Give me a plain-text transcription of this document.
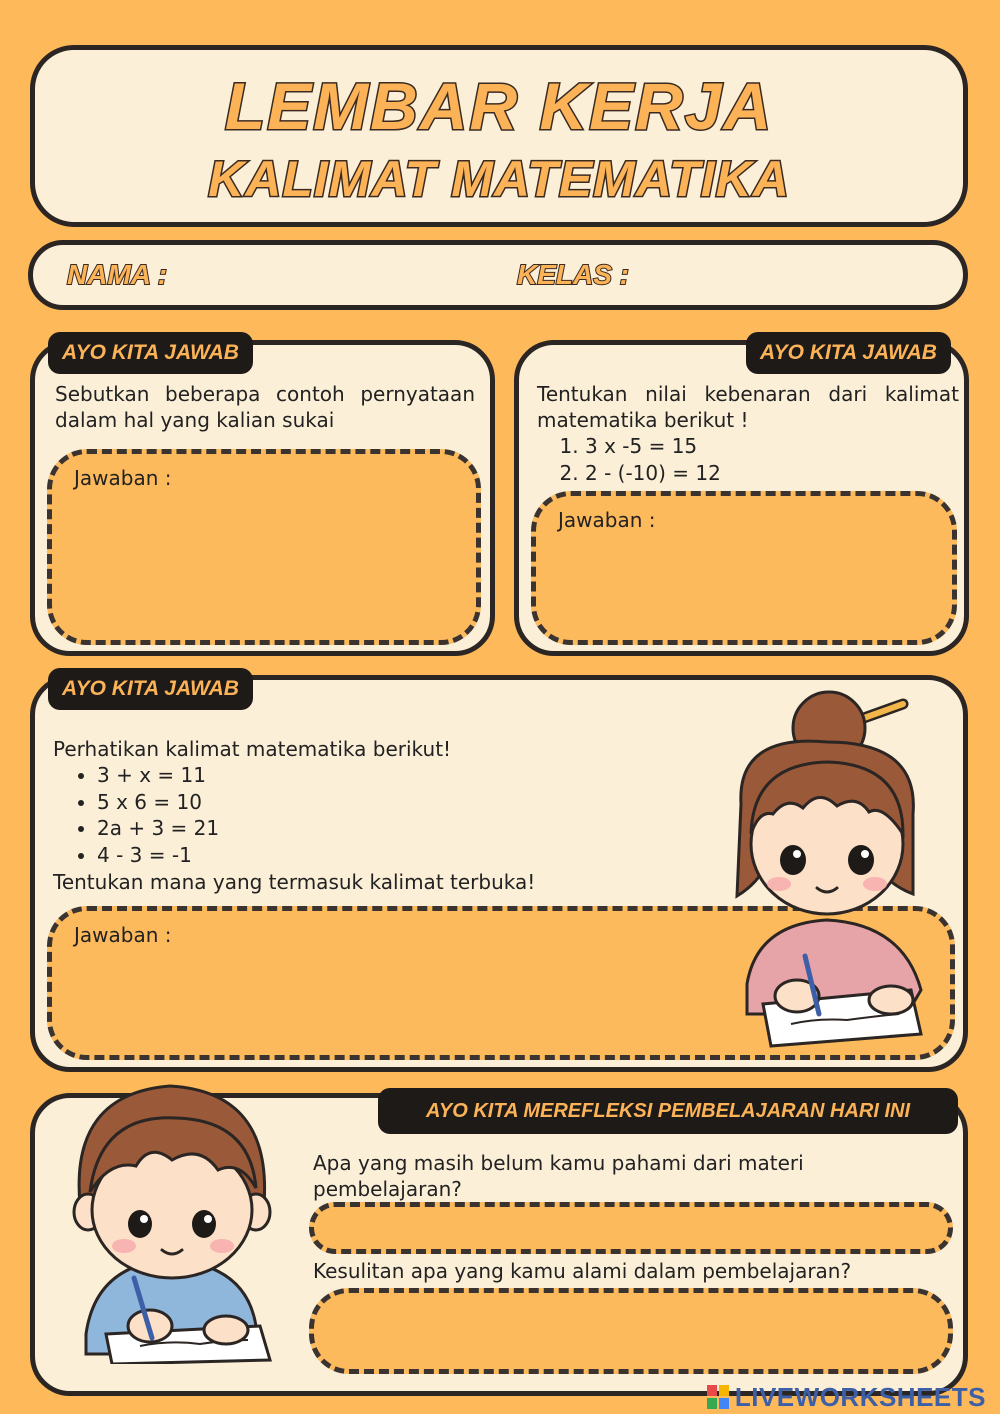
LEMBAR KERJA
KALIMAT MATEMATIKA
NAMA :	KELAS :
Sebutkan beberapa contoh pernyataan dalam hal yang kalian sukai
Jawaban :
AYO KITA JAWAB
Tentukan nilai kebenaran dari kalimat matematika berikut !
1. 3 x -5 = 15
2. 2 - (-10) = 12
Jawaban :
AYO KITA JAWAB
Perhatikan kalimat matematika berikut!
• 3 + x = 11
• 5 x 6 = 10
• 2a + 3 = 21
• 4 - 3 = -1
Tentukan mana yang termasuk kalimat terbuka!
Jawaban :
AYO KITA JAWAB
Apa yang masih belum kamu pahami dari materi pembelajaran?
Kesulitan apa yang kamu alami dalam pembelajaran?
AYO KITA MEREFLEKSI PEMBELAJARAN HARI INI
LIVEWORKSHEETS
